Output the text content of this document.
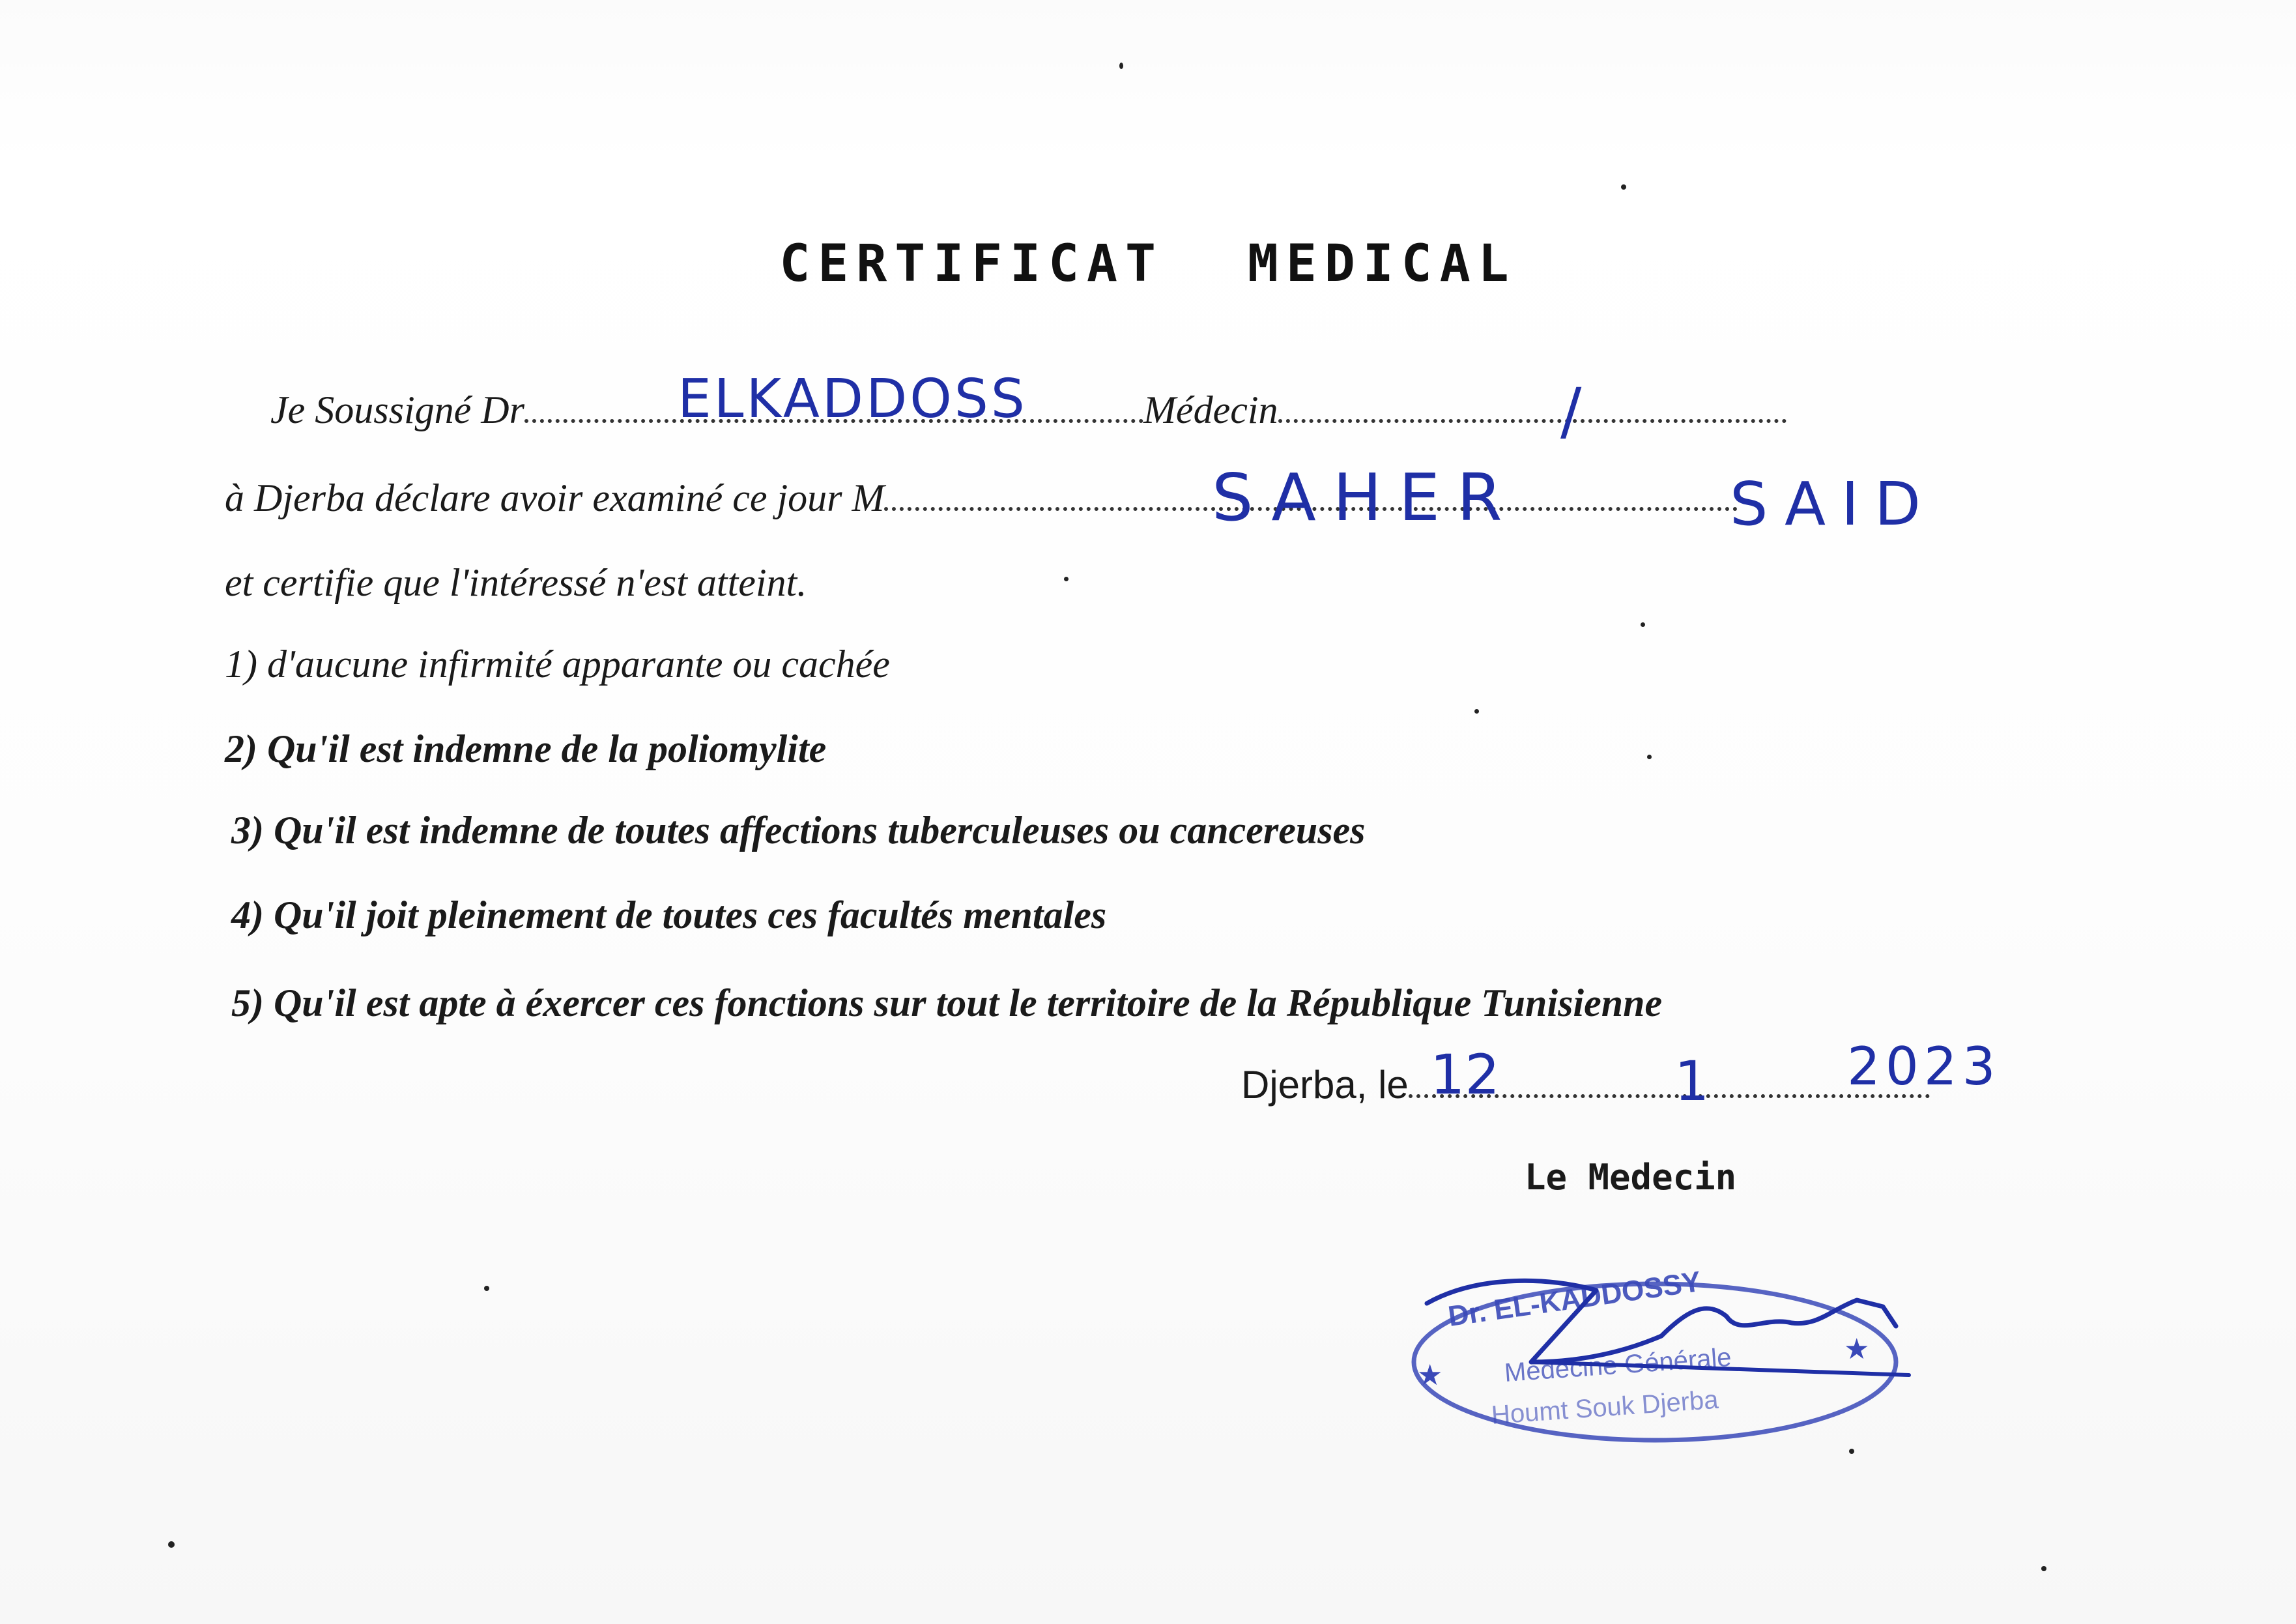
CERTIFICAT MEDICAL
Je Soussigné Dr	Médecin
ELKADDOSS	/
à Djerba déclare avoir examiné ce jour M	SAHER	SAID
et certifie que l'intéressé n'est atteint.
1) d'aucune infirmité apparante ou cachée
2) Qu'il est indemne de la poliomylite
3) Qu'il est indemne de toutes affections tuberculeuses ou cancereuses
4) Qu'il joit pleinement de toutes ces facultés mentales
5) Qu'il est apte à éxercer ces fonctions sur tout le territoire de la République Tunisienne
Djerba, le 12	1	2023
Le Medecin
Dr. EL-KADDOSSY
Médecine Générale
Houmt Souk Djerba
★
★
